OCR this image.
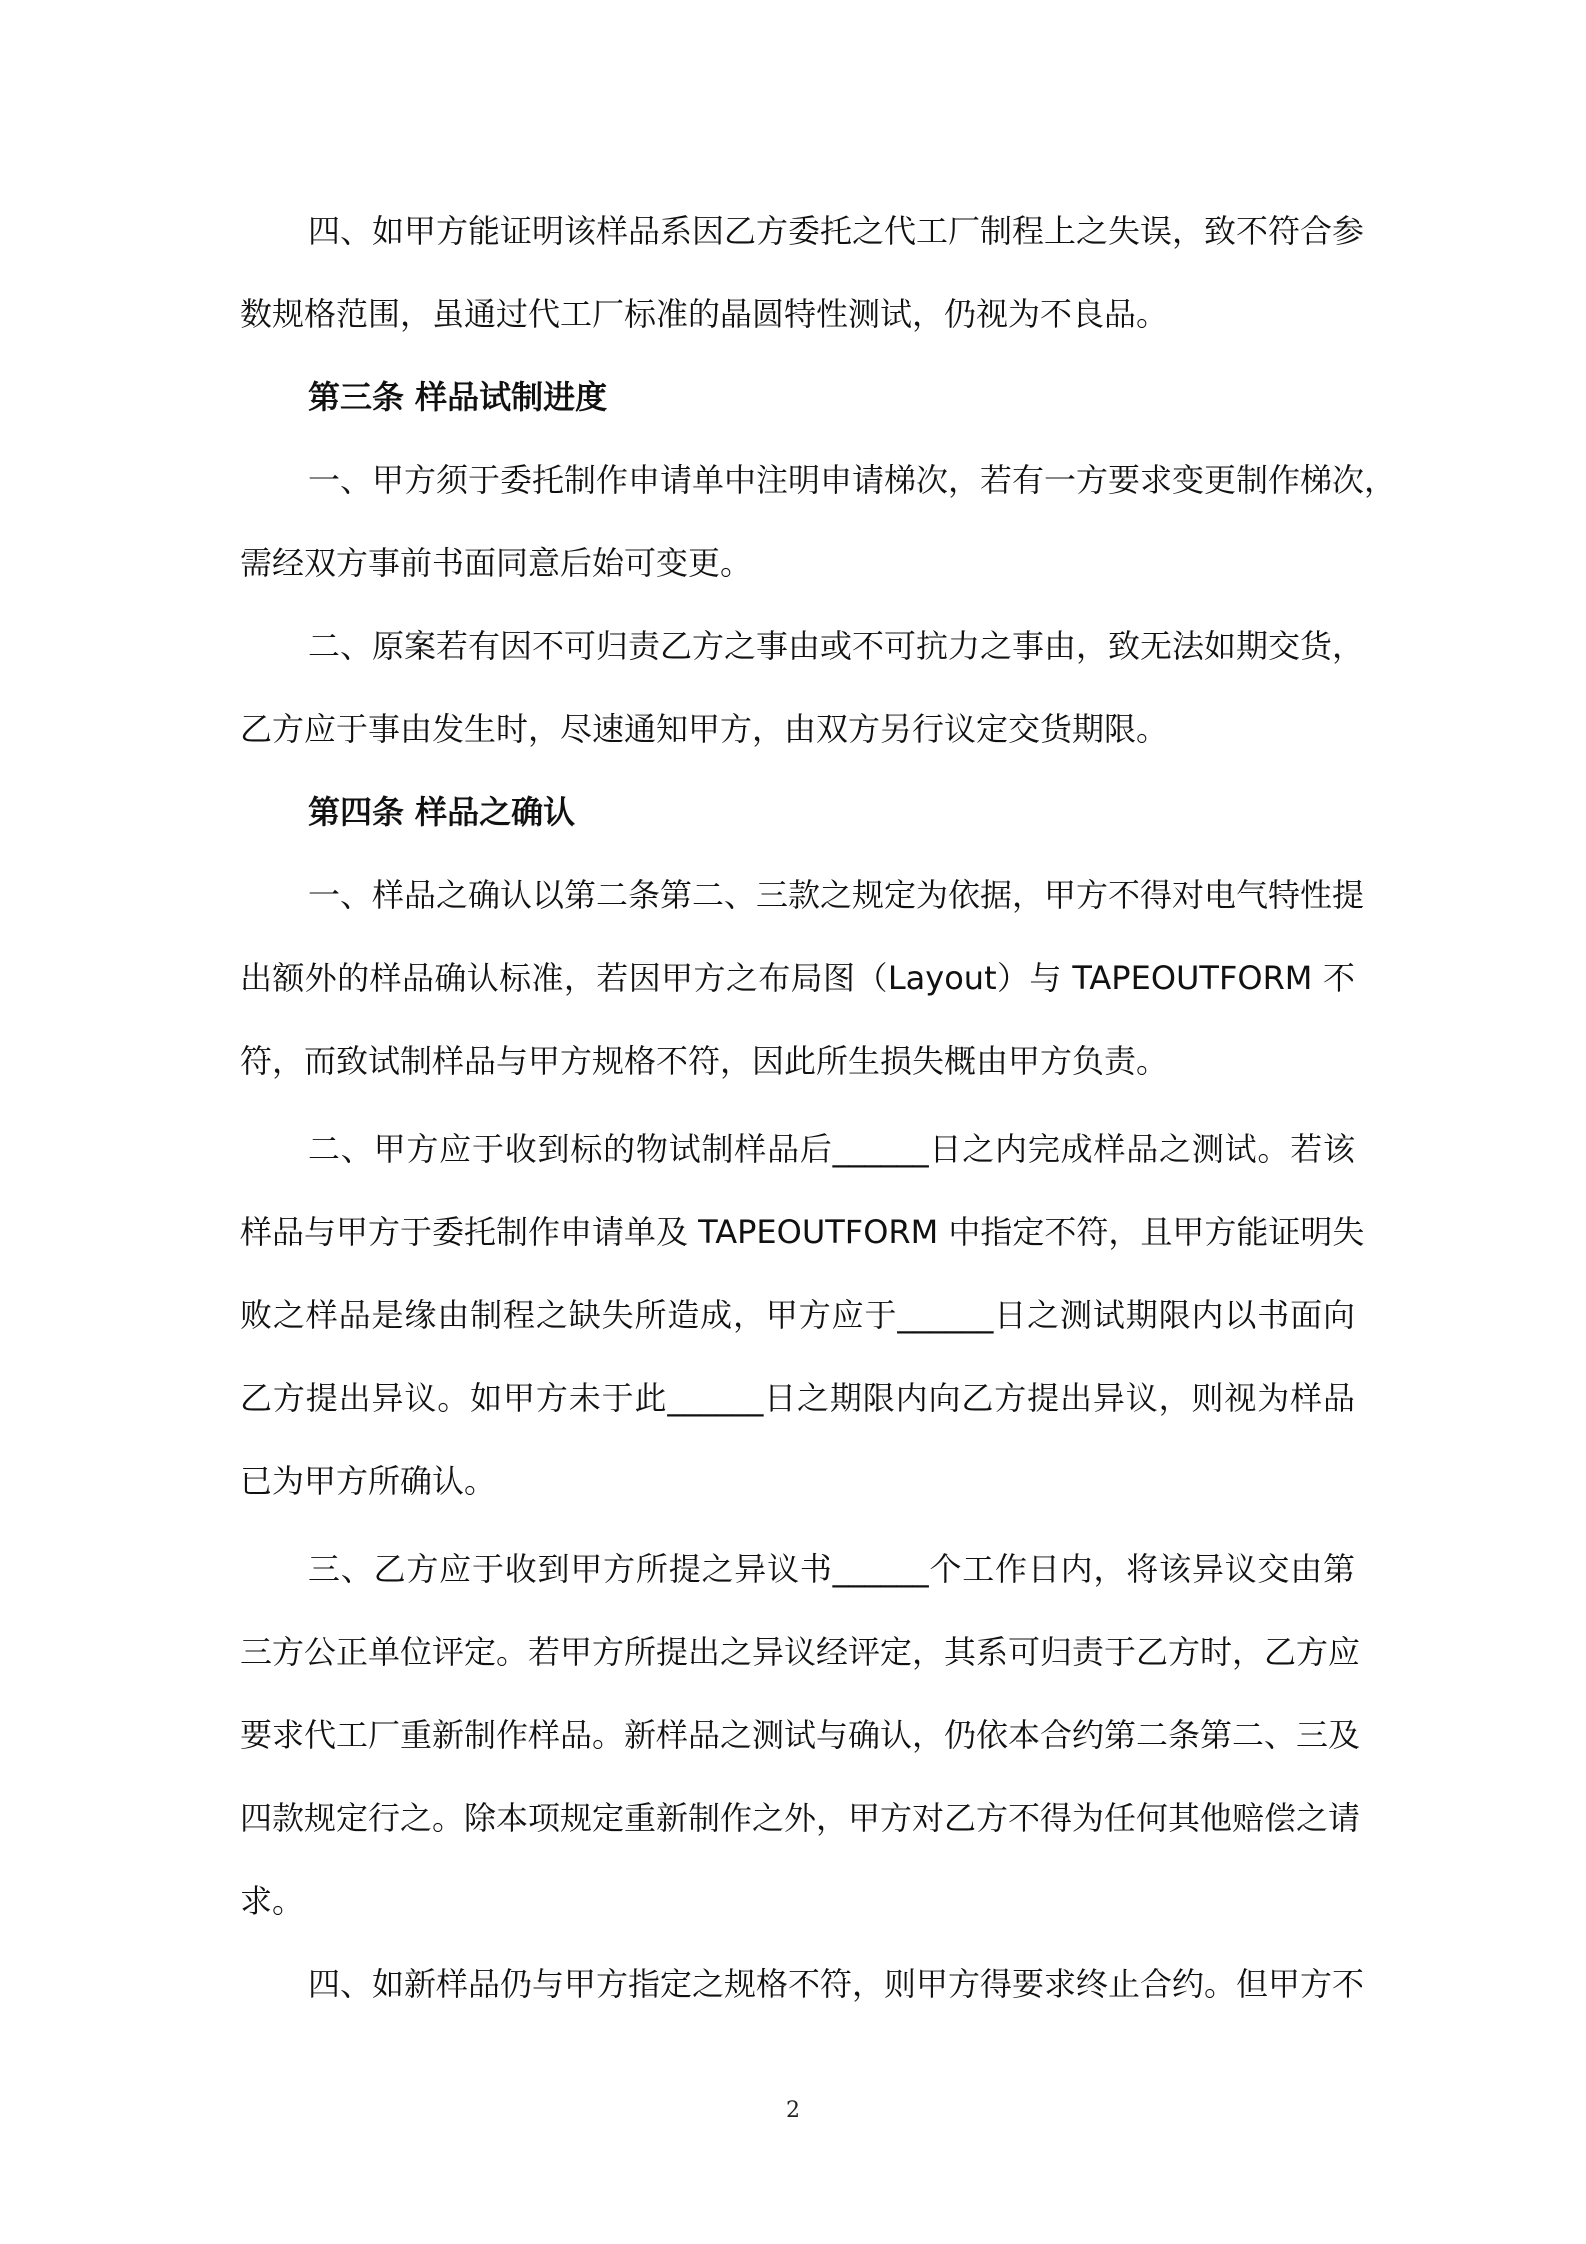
四、如甲方能证明该样品系因乙方委托之代工厂制程上之失误，致不符合参
数规格范围，虽通过代工厂标准的晶圆特性测试，仍视为不良品。
第三条 样品试制进度
一、甲方须于委托制作申请单中注明申请梯次，若有一方要求变更制作梯次，
需经双方事前书面同意后始可变更。
二、原案若有因不可归责乙方之事由或不可抗力之事由，致无法如期交货，
乙方应于事由发生时，尽速通知甲方，由双方另行议定交货期限。
第四条 样品之确认
一、样品之确认以第二条第二、三款之规定为依据，甲方不得对电气特性提
出额外的样品确认标准，若因甲方之布局图（Layout）与 TAPEOUTFORM 不
符，而致试制样品与甲方规格不符，因此所生损失概由甲方负责。
二、甲方应于收到标的物试制样品后______日之内完成样品之测试。若该
样品与甲方于委托制作申请单及 TAPEOUTFORM 中指定不符，且甲方能证明失
败之样品是缘由制程之缺失所造成，甲方应于______日之测试期限内以书面向
乙方提出异议。如甲方未于此______日之期限内向乙方提出异议，则视为样品
已为甲方所确认。
三、乙方应于收到甲方所提之异议书______个工作日内，将该异议交由第
三方公正单位评定。若甲方所提出之异议经评定，其系可归责于乙方时，乙方应
要求代工厂重新制作样品。新样品之测试与确认，仍依本合约第二条第二、三及
四款规定行之。除本项规定重新制作之外，甲方对乙方不得为任何其他赔偿之请
求。
四、如新样品仍与甲方指定之规格不符，则甲方得要求终止合约。但甲方不
2
